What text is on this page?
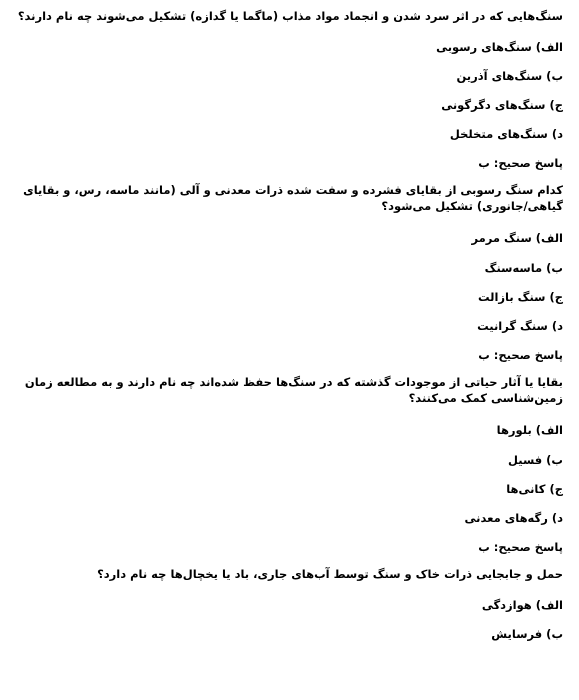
سنگ‌هایی که در اثر سرد شدن و انجماد مواد مذاب (ماگما یا گدازه) تشکیل می‌شوند چه نام دارند؟
الف) سنگ‌های رسوبی
ب) سنگ‌های آذرین
ج) سنگ‌های دگرگونی
د) سنگ‌های متخلخل
پاسخ صحیح: ب
کدام سنگ رسوبی از بقایای فشرده و سفت شده ذرات معدنی و آلی (مانند ماسه، رس، و بقایای گیاهی/جانوری) تشکیل می‌شود؟
الف) سنگ مرمر
ب) ماسه‌سنگ
ج) سنگ بازالت
د) سنگ گرانیت
پاسخ صحیح: ب
بقایا یا آثار حیاتی از موجودات گذشته که در سنگ‌ها حفظ شده‌اند چه نام دارند و به مطالعه زمان زمین‌شناسی کمک می‌کنند؟
الف) بلورها
ب) فسیل
ج) کانی‌ها
د) رگه‌های معدنی
پاسخ صحیح: ب
حمل و جابجایی ذرات خاک و سنگ توسط آب‌های جاری، باد یا یخچال‌ها چه نام دارد؟
الف) هوازدگی
ب) فرسایش
